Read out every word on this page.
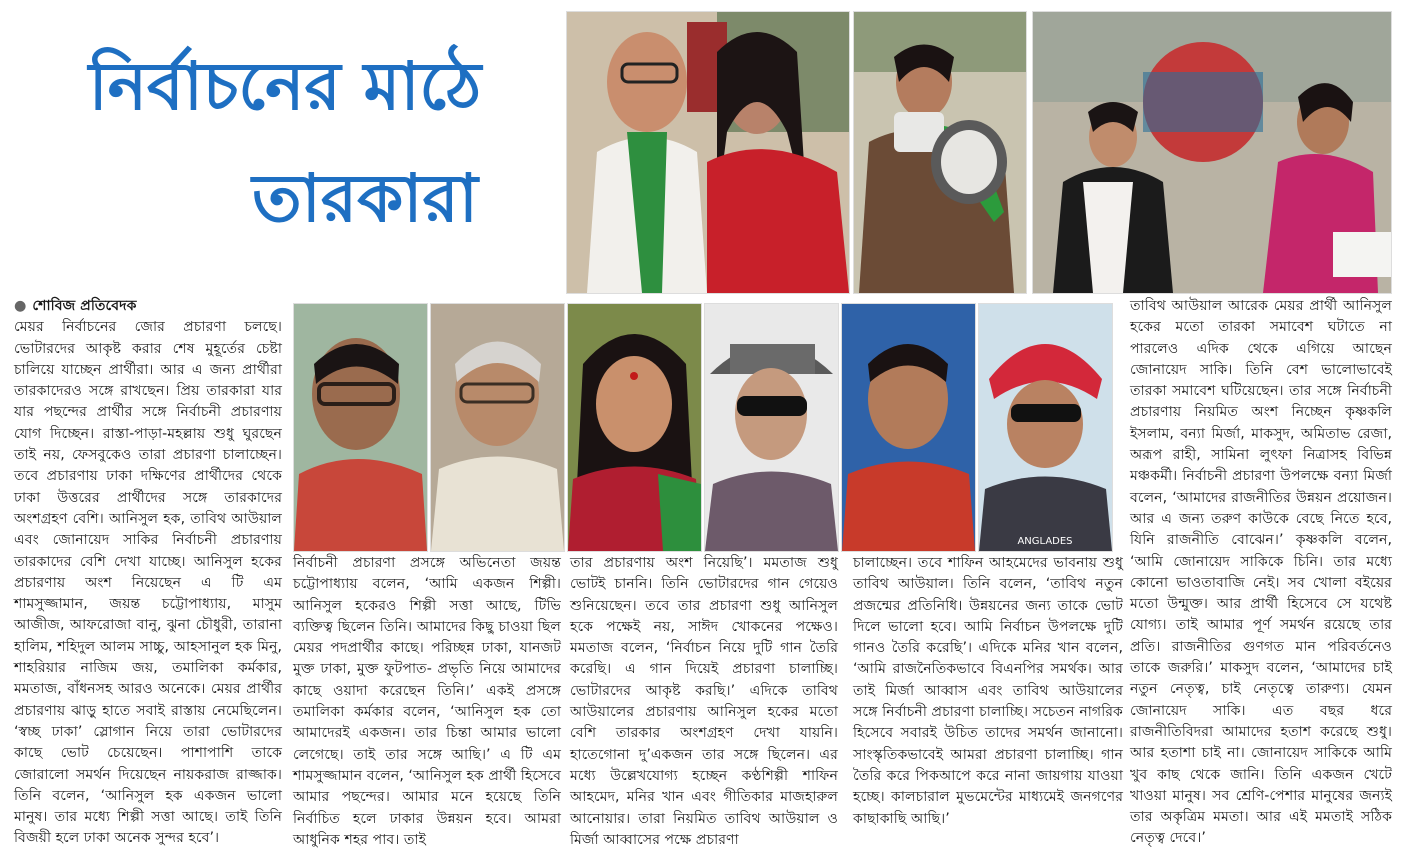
নির্বাচনের মাঠে
তারকারা
ANGLADES
● শোবিজ প্রতিবেদক

মেয়র নির্বাচনের জোর প্রচারণা চলছে। ভোটারদের আকৃষ্ট করার শেষ মুহূর্তের চেষ্টা চালিয়ে যাচ্ছেন প্রার্থীরা। আর এ জন্য প্রার্থীরা তারকাদেরও সঙ্গে রাখছেন। প্রিয় তারকারা যার যার পছন্দের প্রার্থীর সঙ্গে নির্বাচনী প্রচারণায় যোগ দিচ্ছেন। রাস্তা-পাড়া-মহল্লায় শুধু ঘুরছেন তাই নয়, ফেসবুকেও তারা প্রচারণা চালাচ্ছেন। তবে প্রচারণায় ঢাকা দক্ষিণের প্রার্থীদের থেকে ঢাকা উত্তরের প্রার্থীদের সঙ্গে তারকাদের অংশগ্রহণ বেশি। আনিসুল হক, তাবিথ আউয়াল এবং জোনায়েদ সাকির নির্বাচনী প্রচারণায় তারকাদের বেশি দেখা যাচ্ছে। আনিসুল হকের প্রচারণায় অংশ নিয়েছেন এ টি এম শামসুজ্জামান, জয়ন্ত চট্টোপাধ্যায়, মাসুম আজীজ, আফরোজা বানু, ঝুনা চৌধুরী, তারানা হালিম, শহিদুল আলম সাচ্চু, আহসানুল হক মিনু, শাহরিয়ার নাজিম জয়, তমালিকা কর্মকার, মমতাজ, বাঁধনসহ আরও অনেকে। মেয়র প্রার্থীর প্রচারণায় ঝাড়ু হাতে সবাই রাস্তায় নেমেছিলেন। ‘স্বচ্ছ ঢাকা’ স্লোগান নিয়ে তারা ভোটারদের কাছে ভোট চেয়েছেন। পাশাপাশি তাকে জোরালো সমর্থন দিয়েছেন নায়করাজ রাজ্জাক। তিনি বলেন, ‘আনিসুল হক একজন ভালো মানুষ। তার মধ্যে শিল্পী সত্তা আছে। তাই তিনি বিজয়ী হলে ঢাকা অনেক সুন্দর হবে’।

নির্বাচনী প্রচারণা প্রসঙ্গে অভিনেতা জয়ন্ত চট্টোপাধ্যায় বলেন, ‘আমি একজন শিল্পী। আনিসুল হকেরও শিল্পী সত্তা আছে, টিভি ব্যক্তিত্ব ছিলেন তিনি। আমাদের কিছু চাওয়া ছিল মেয়র পদপ্রার্থীর কাছে। পরিচ্ছন্ন ঢাকা, যানজট মুক্ত ঢাকা, মুক্ত ফুটপাত- প্রভৃতি নিয়ে আমাদের কাছে ওয়াদা করেছেন তিনি।’ একই প্রসঙ্গে তমালিকা কর্মকার বলেন, ‘আনিসুল হক তো আমাদেরই একজন। তার চিন্তা আমার ভালো লেগেছে। তাই তার সঙ্গে আছি।’ এ টি এম শামসুজ্জামান বলেন, ‘আনিসুল হক প্রার্থী হিসেবে আমার পছন্দের। আমার মনে হয়েছে তিনি নির্বাচিত হলে ঢাকার উন্নয়ন হবে। আমরা আধুনিক শহর পাব। তাই

তার প্রচারণায় অংশ নিয়েছি’। মমতাজ শুধু ভোটই চাননি। তিনি ভোটারদের গান গেয়েও শুনিয়েছেন। তবে তার প্রচারণা শুধু আনিসুল হকে পক্ষেই নয়, সাঈদ খোকনের পক্ষেও। মমতাজ বলেন, ‘নির্বাচন নিয়ে দুটি গান তৈরি করেছি। এ গান দিয়েই প্রচারণা চালাচ্ছি। ভোটারদের আকৃষ্ট করছি।’ এদিকে তাবিথ আউয়ালের প্রচারণায় আনিসুল হকের মতো বেশি তারকার অংশগ্রহণ দেখা যায়নি। হাতেগোনা দু’একজন তার সঙ্গে ছিলেন। এর মধ্যে উল্লেখযোগ্য হচ্ছেন কণ্ঠশিল্পী শাফিন আহমেদ, মনির খান এবং গীতিকার মাজহারুল আনোয়ার। তারা নিয়মিত তাবিথ আউয়াল ও মির্জা আব্বাসের পক্ষে প্রচারণা

চালাচ্ছেন। তবে শাফিন আহমেদের ভাবনায় শুধু তাবিথ আউয়াল। তিনি বলেন, ‘তাবিথ নতুন প্রজন্মের প্রতিনিধি। উন্নয়নের জন্য তাকে ভোট দিলে ভালো হবে। আমি নির্বাচন উপলক্ষে দুটি গানও তৈরি করেছি’। এদিকে মনির খান বলেন, ‘আমি রাজনৈতিকভাবে বিএনপির সমর্থক। আর তাই মির্জা আব্বাস এবং তাবিথ আউয়ালের সঙ্গে নির্বাচনী প্রচারণা চালাচ্ছি। সচেতন নাগরিক হিসেবে সবারই উচিত তাদের সমর্থন জানানো। সাংস্কৃতিকভাবেই আমরা প্রচারণা চালাচ্ছি। গান তৈরি করে পিকআপে করে নানা জায়গায় যাওয়া হচ্ছে। কালচারাল মুভমেন্টের মাধ্যমেই জনগণের কাছাকাছি আছি।’

তাবিথ আউয়াল আরেক মেয়র প্রার্থী আনিসুল হকের মতো তারকা সমাবেশ ঘটাতে না পারলেও এদিক থেকে এগিয়ে আছেন জোনায়েদ সাকি। তিনি বেশ ভালোভাবেই তারকা সমাবেশ ঘটিয়েছেন। তার সঙ্গে নির্বাচনী প্রচারণায় নিয়মিত অংশ নিচ্ছেন কৃষ্ণকলি ইসলাম, বন্যা মির্জা, মাকসুদ, অমিতাভ রেজা, অরূপ রাহী, সামিনা লুৎফা নিত্রাসহ বিভিন্ন মঞ্চকর্মী। নির্বাচনী প্রচারণা উপলক্ষে বন্যা মির্জা বলেন, ‘আমাদের রাজনীতির উন্নয়ন প্রয়োজন। আর এ জন্য তরুণ কাউকে বেছে নিতে হবে, যিনি রাজনীতি বোঝেন।’ কৃষ্ণকলি বলেন, ‘আমি জোনায়েদ সাকিকে চিনি। তার মধ্যে কোনো ভাওতাবাজি নেই। সব খোলা বইয়ের মতো উন্মুক্ত। আর প্রার্থী হিসেবে সে যথেষ্ট যোগ্য। তাই আমার পূর্ণ সমর্থন রয়েছে তার প্রতি। রাজনীতির গুণগত মান পরিবর্তনেও তাকে জরুরি।’ মাকসুদ বলেন, ‘আমাদের চাই নতুন নেতৃত্ব, চাই নেতৃত্বে তারুণ্য। যেমন জোনায়েদ সাকি। এত বছর ধরে রাজনীতিবিদরা আমাদের হতাশ করেছে শুধু। আর হতাশা চাই না। জোনায়েদ সাকিকে আমি খুব কাছ থেকে জানি। তিনি একজন খেটে খাওয়া মানুষ। সব শ্রেণি-পেশার মানুষের জন্যই তার অকৃত্রিম মমতা। আর এই মমতাই সঠিক নেতৃত্ব দেবে।’
